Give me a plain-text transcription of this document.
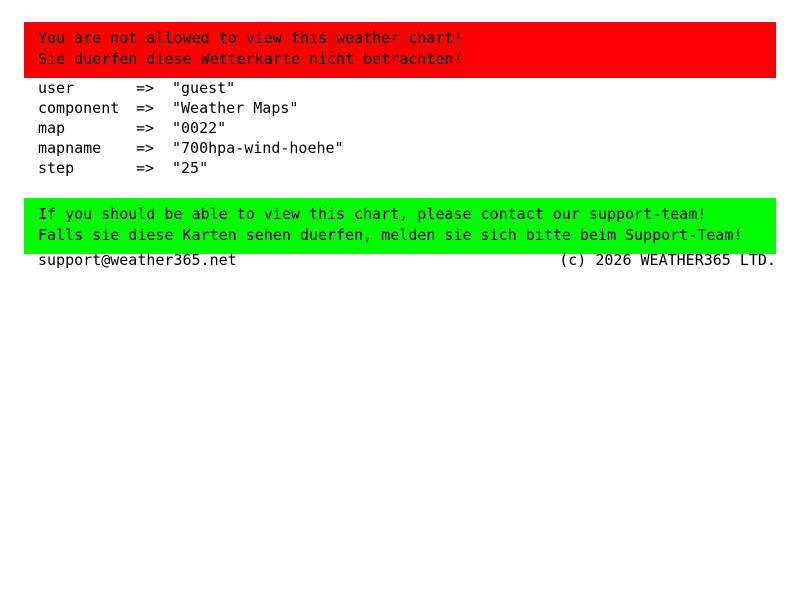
You are not allowed to view this weather chart!
Sie duerfen diese Wetterkarte nicht betrachten!
user	=>	"guest"
component	=>	"Weather Maps"
map	=>	"0022"
mapname	=>	"700hpa-wind-hoehe"
step	=>	"25"
If you should be able to view this chart, please contact our support-team!
Falls sie diese Karten sehen duerfen, melden sie sich bitte beim Support-Team!
support@weather365.net	(c) 2026 WEATHER365 LTD.
